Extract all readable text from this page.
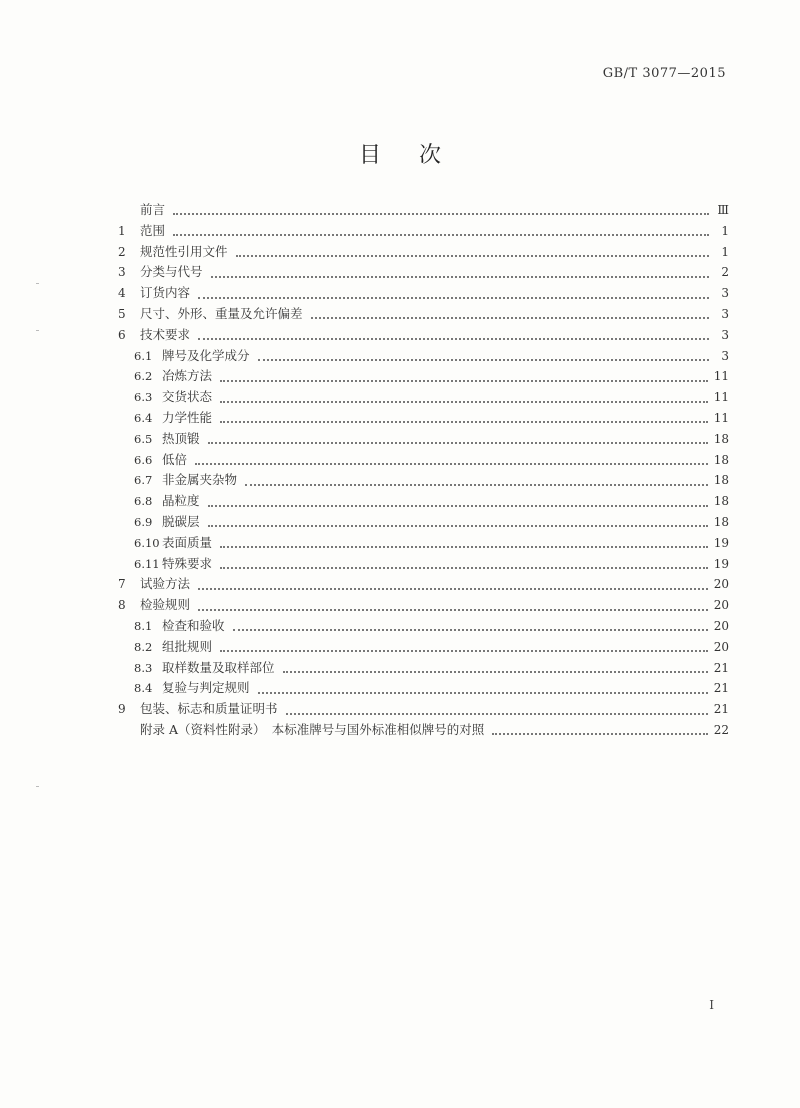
GB/T 3077—2015
目次
前言	Ⅲ
1	范围	1
2	规范性引用文件	1
3	分类与代号	2
4	订货内容	3
5	尺寸、外形、重量及允许偏差	3
6	技术要求	3
6.1 牌号及化学成分	3
6.2 冶炼方法	11
6.3 交货状态	11
6.4 力学性能	11
6.5 热顶锻	18
6.6 低倍	18
6.7 非金属夹杂物	18
6.8 晶粒度	18
6.9 脱碳层	18
6.10 表面质量	19
6.11 特殊要求	19
7	试验方法	20
8	检验规则	20
8.1 检查和验收	20
8.2 组批规则	20
8.3 取样数量及取样部位	21
8.4 复验与判定规则	21
9	包装、标志和质量证明书	21
附录 A（资料性附录）　本标准牌号与国外标准相似牌号的对照	22
I
